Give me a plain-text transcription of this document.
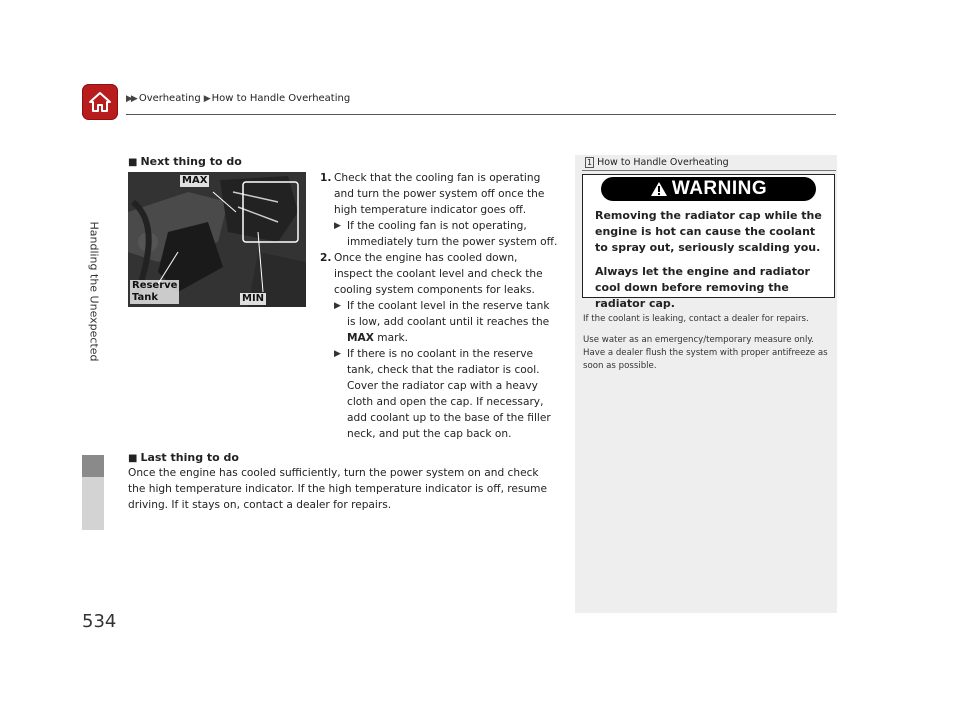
▶▶ Overheating ▶ How to Handle Overheating
Handling the Unexpected
534
■ Next thing to do
MAX
Reserve
Tank	MIN
1. Check that the cooling fan is operating and turn the power system off once the high temperature indicator goes off.
▶ If the cooling fan is not operating, immediately turn the power system off.
2. Once the engine has cooled down, inspect the coolant level and check the cooling system components for leaks.
▶ If the coolant level in the reserve tank is low, add coolant until it reaches the MAX mark.
▶ If there is no coolant in the reserve tank, check that the radiator is cool. Cover the radiator cap with a heavy cloth and open the cap. If necessary, add coolant up to the base of the filler neck, and put the cap back on.
■ Last thing to do
Once the engine has cooled sufficiently, turn the power system on and check the high temperature indicator. If the high temperature indicator is off, resume driving. If it stays on, contact a dealer for repairs.
1 How to Handle Overheating
WARNING

Removing the radiator cap while the engine is hot can cause the coolant to spray out, seriously scalding you.

Always let the engine and radiator cool down before removing the radiator cap.

If the coolant is leaking, contact a dealer for repairs.

Use water as an emergency/temporary measure only. Have a dealer flush the system with proper antifreeze as soon as possible.
